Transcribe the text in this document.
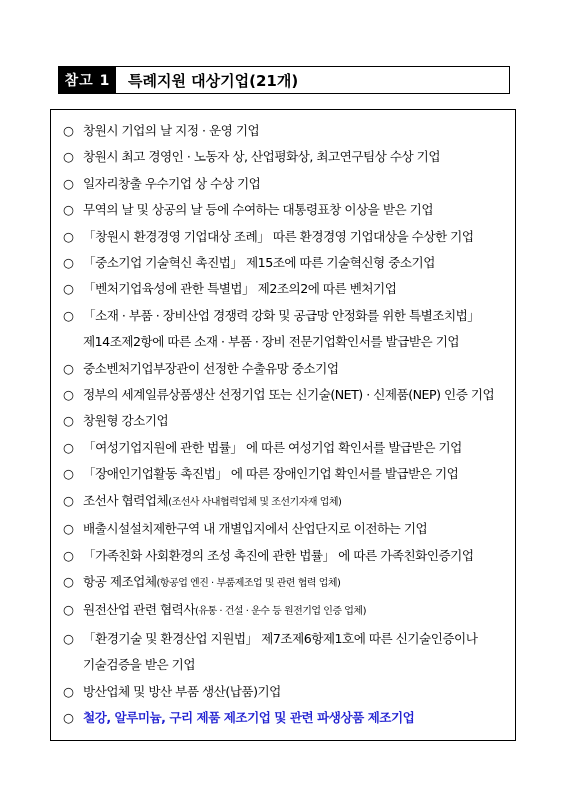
참고 1	특례지원 대상기업(21개)
○ 창원시 기업의 날 지정 · 운영 기업
○ 창원시 최고 경영인 · 노동자 상, 산업평화상, 최고연구팀상 수상 기업
○ 일자리창출 우수기업 상 수상 기업
○ 무역의 날 및 상공의 날 등에 수여하는 대통령표창 이상을 받은 기업
○ 「창원시 환경경영 기업대상 조례」 따른 환경경영 기업대상을 수상한 기업
○ 「중소기업 기술혁신 촉진법」 제15조에 따른 기술혁신형 중소기업
○ 「벤처기업육성에 관한 특별법」 제2조의2에 따른 벤처기업
○ 「소재 · 부품 · 장비산업 경쟁력 강화 및 공급망 안정화를 위한 특별조치법」
제14조제2항에 따른 소재 · 부품 · 장비 전문기업확인서를 발급받은 기업
○ 중소벤처기업부장관이 선정한 수출유망 중소기업
○ 정부의 세계일류상품생산 선정기업 또는 신기술(NET) · 신제품(NEP) 인증 기업
○ 창원형 강소기업
○ 「여성기업지원에 관한 법률」 에 따른 여성기업 확인서를 발급받은 기업
○ 「장애인기업활동 촉진법」 에 따른 장애인기업 확인서를 발급받은 기업
○ 조선사 협력업체(조선사 사내협력업체 및 조선기자재 업체)
○ 배출시설설치제한구역 내 개별입지에서 산업단지로 이전하는 기업
○ 「가족친화 사회환경의 조성 촉진에 관한 법률」 에 따른 가족친화인증기업
○ 항공 제조업체(항공업 엔진 · 부품제조업 및 관련 협력 업체)
○ 원전산업 관련 협력사(유통 · 건설 · 운수 등 원전기업 인증 업체)
○ 「환경기술 및 환경산업 지원법」 제7조제6항제1호에 따른 신기술인증이나
기술검증을 받은 기업
○ 방산업체 및 방산 부품 생산(납품)기업
○ 철강, 알루미늄, 구리 제품 제조기업 및 관련 파생상품 제조기업
